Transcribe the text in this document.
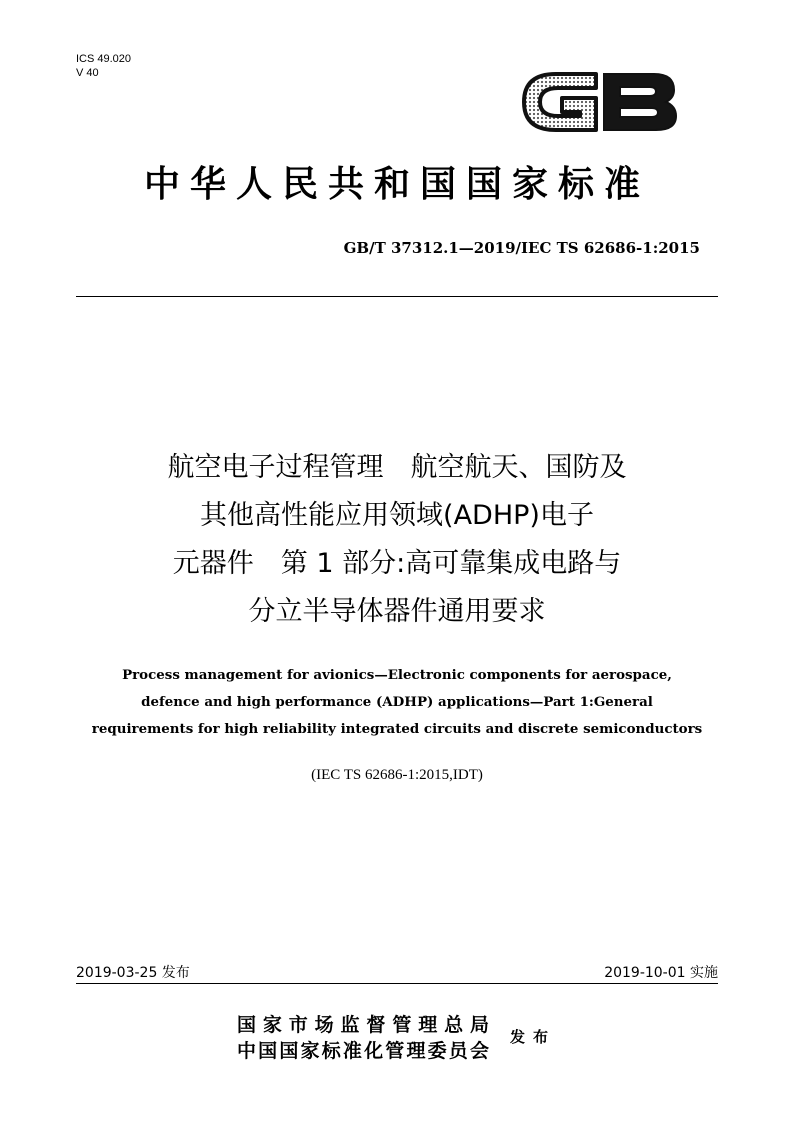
ICS 49.020
V 40
中华人民共和国国家标准
GB/T 37312.1—2019/IEC TS 62686-1:2015
航空电子过程管理　航空航天、国防及
其他高性能应用领域(ADHP)电子
元器件　第 1 部分:高可靠集成电路与
分立半导体器件通用要求
Process management for avionics—Electronic components for aerospace,
defence and high performance (ADHP) applications—Part 1:General
requirements for high reliability integrated circuits and discrete semiconductors
(IEC TS 62686-1:2015,IDT)
2019-03-25 发布	2019-10-01 实施
国家市场监督管理总局
中国国家标准化管理委员会
发布
